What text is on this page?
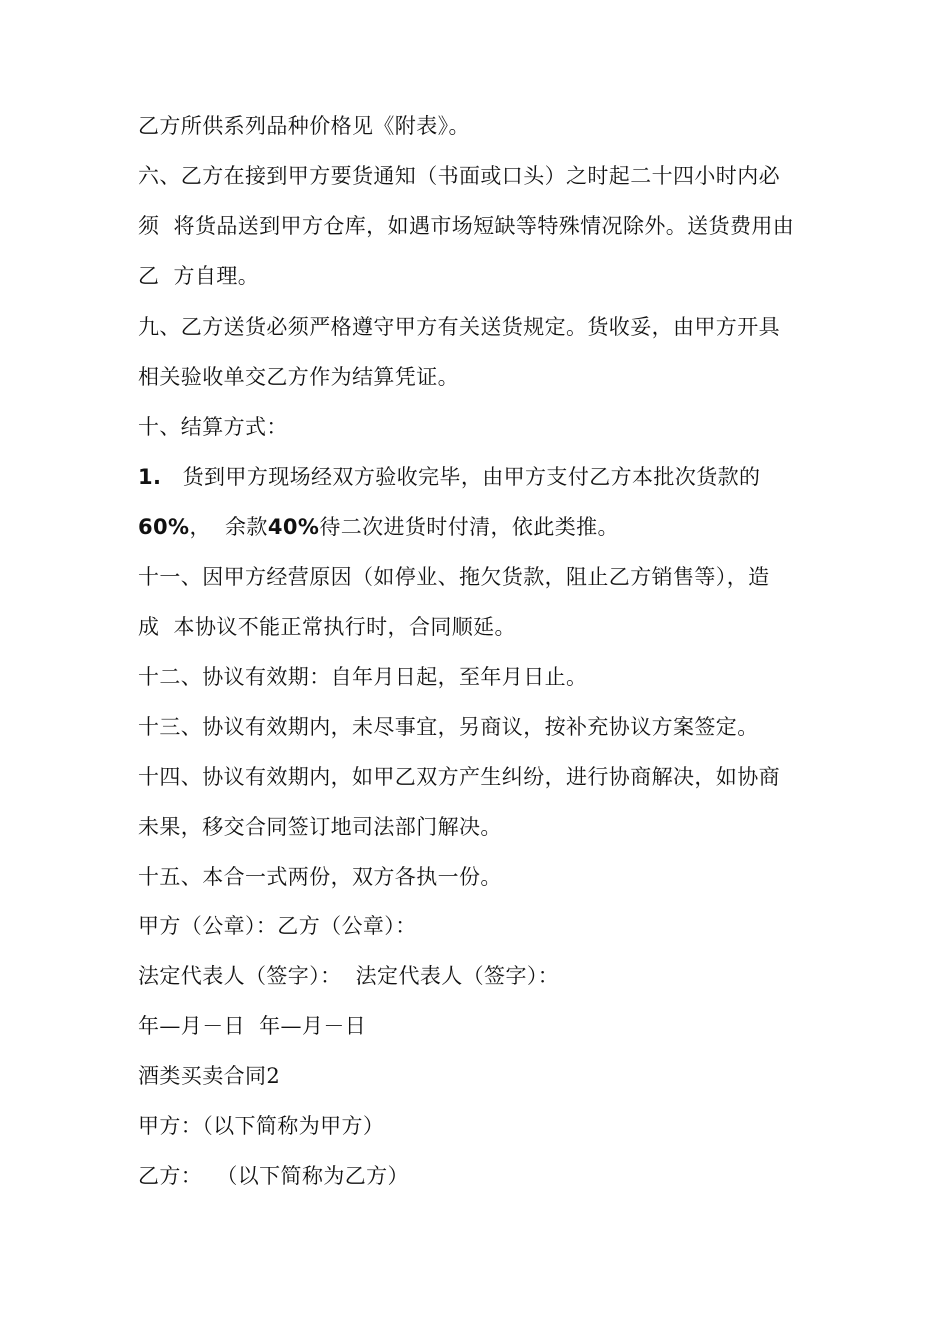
乙方所供系列品种价格见《附表》。

六、乙方在接到甲方要货通知（书面或口头）之时起二十四小时内必

须  将货品送到甲方仓库，如遇市场短缺等特殊情况除外。送货费用由

乙  方自理。

九、乙方送货必须严格遵守甲方有关送货规定。货收妥，由甲方开具

相关验收单交乙方作为结算凭证。

十、结算方式：

1. 货到甲方现场经双方验收完毕，由甲方支付乙方本批次货款的

60%， 余款40%待二次进货时付清，依此类推。

十一、因甲方经营原因（如停业、拖欠货款，阻止乙方销售等），造

成  本协议不能正常执行时，合同顺延。

十二、协议有效期：自年月日起，至年月日止。

十三、协议有效期内，未尽事宜，另商议，按补充协议方案签定。

十四、协议有效期内，如甲乙双方产生纠纷，进行协商解决，如协商

未果，移交合同签订地司法部门解决。

十五、本合一式两份，双方各执一份。

甲方（公章）：乙方（公章）：

法定代表人（签字）：  法定代表人（签字）：

年—月－日  年—月－日

酒类买卖合同2

甲方：（以下简称为甲方）

乙方：  （以下简称为乙方）
